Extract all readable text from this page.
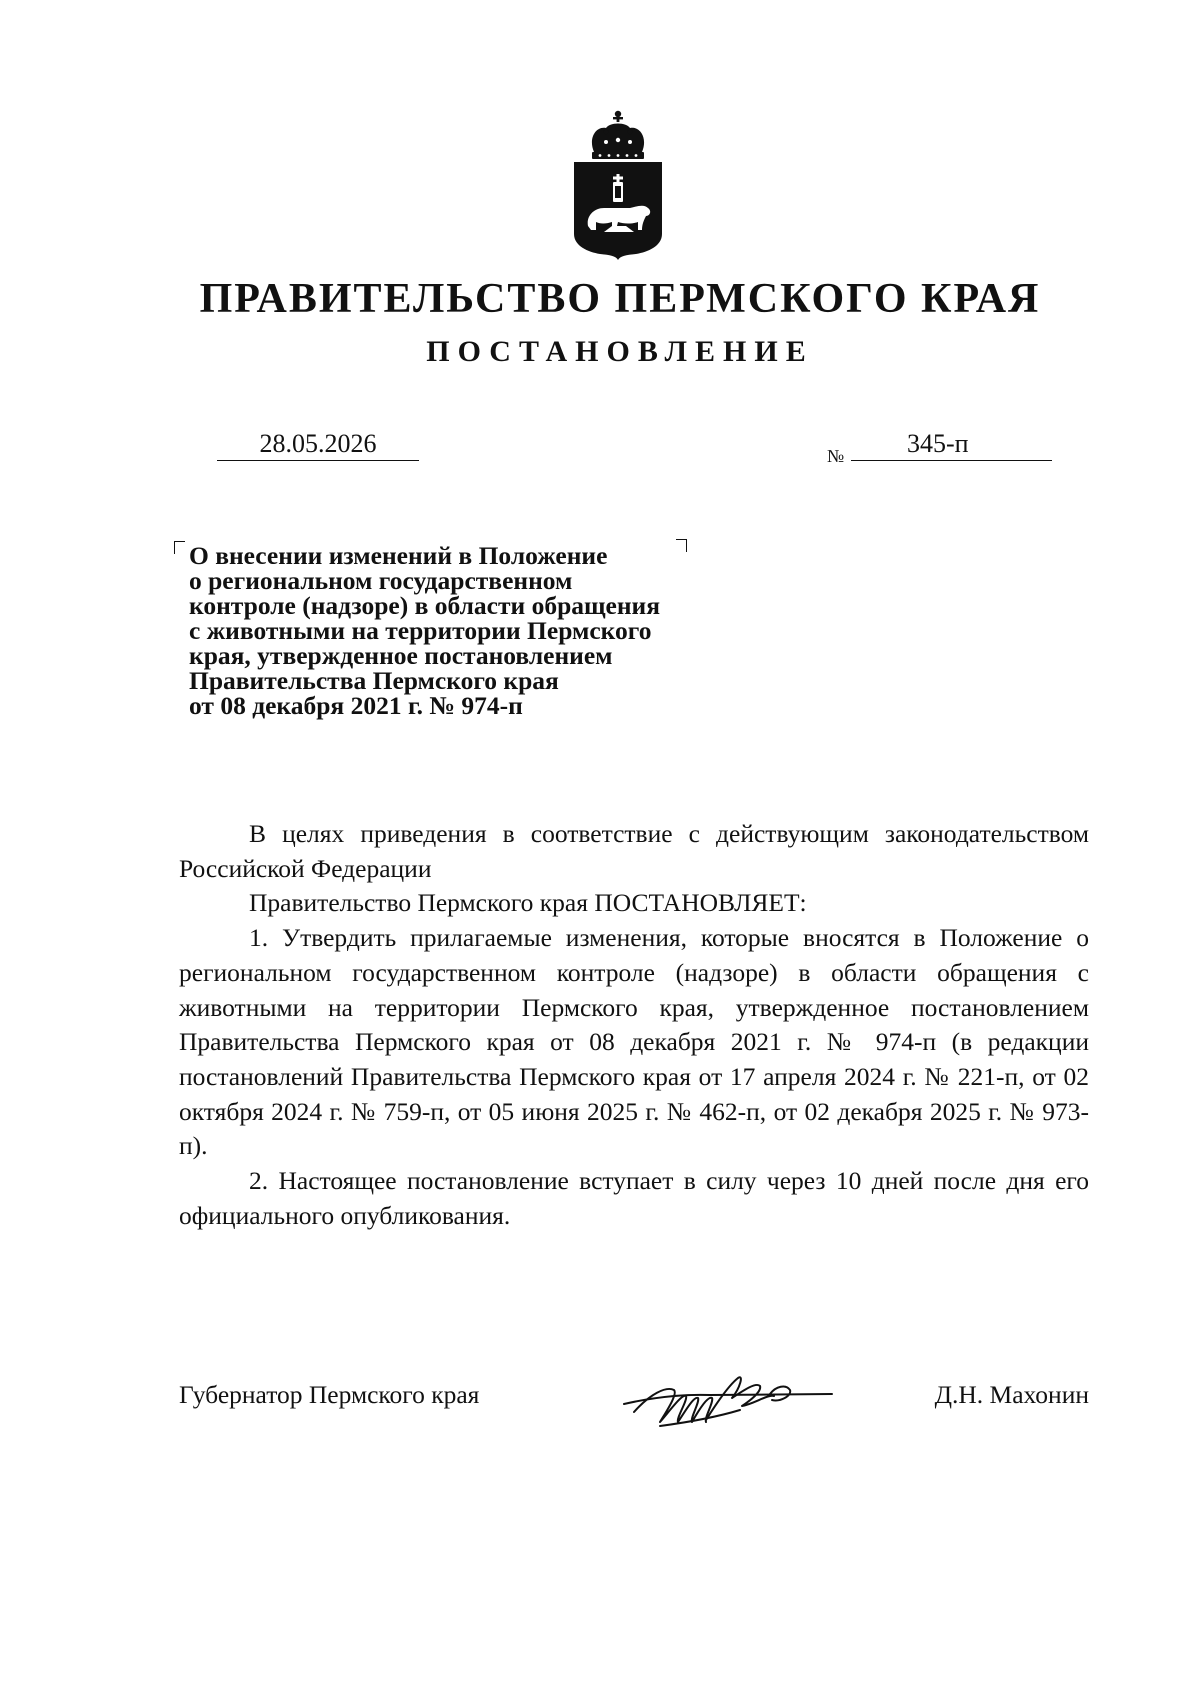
ПРАВИТЕЛЬСТВО ПЕРМСКОГО КРАЯ
ПОСТАНОВЛЕНИЕ
28.05.2026	№	345-п
О внесении изменений в Положение
о региональном государственном
контроле (надзоре) в области обращения
с животными на территории Пермского
края, утвержденное постановлением
Правительства Пермского края
от 08 декабря 2021 г. № 974-п

В целях приведения в соответствие с действующим законодательством Российской Федерации

Правительство Пермского края ПОСТАНОВЛЯЕТ:

1. Утвердить прилагаемые изменения, которые вносятся в Положение о региональном государственном контроле (надзоре) в области обращения с животными на территории Пермского края, утвержденное постановлением Правительства Пермского края от 08 декабря 2021 г. № 974-п (в редакции постановлений Правительства Пермского края от 17 апреля 2024 г. № 221-п, от 02 октября 2024 г. № 759-п, от 05 июня 2025 г. № 462-п, от 02 декабря 2025 г. № 973-п).

2. Настоящее постановление вступает в силу через 10 дней после дня его официального опубликования.

Губернатор Пермского края	Д.Н. Махонин
